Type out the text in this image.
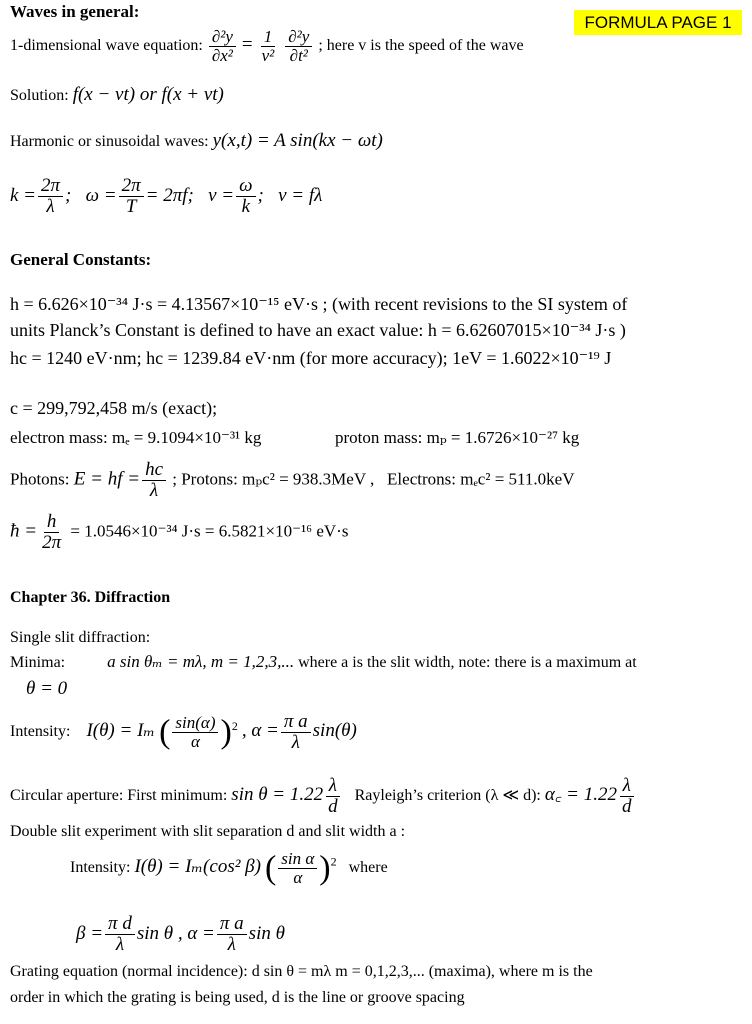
FORMULA PAGE 1
Waves in general:
1-dimensional wave equation: $\frac{\text{∂²y}}{\text{∂x²}} = \frac{1}{\text{v²}}$
$\frac{\text{∂²y}}{\text{∂t²}}$ ; here v is the speed of the wave
Solution: f(x − vt) or f(x + vt)
Harmonic or sinusoidal waves: y(x,t) = A sin(kx − ωt)
$k = \frac{2\pi}{\lambda}$ ;   $\omega = \frac{2\pi}{T} = 2\pi f$;   $v = \frac{\omega}{k}$ ;   v = fλ
General Constants:
h = 6.626×10⁻³⁴ J·s = 4.13567×10⁻¹⁵ eV·s ; (with recent revisions to the SI system of
units Planck’s Constant is defined to have an exact value: h = 6.62607015×10⁻³⁴ J·s )
hc = 1240 eV·nm; hc = 1239.84 eV·nm (for more accuracy); 1eV = 1.6022×10⁻¹⁹ J
c = 299,792,458 m/s (exact);
electron mass: mₑ = 9.1094×10⁻³¹ kg	proton mass: mₚ = 1.6726×10⁻²⁷ kg
Photons: E = hf = $\frac{hc}{\lambda}$ ; Protons: mₚc² = 938.3MeV , Electrons: mₑc² = 511.0keV
ħ = $\frac{h}{2\pi} = 1.0546\times 10^{-34}$ J·s = 6.5821×10⁻¹⁶ eV·s
Chapter 36. Diffraction
Single slit diffraction:
Minima: a sin θₘ = mλ, m = 1,2,3,... where a is the slit width, note: there is a maximum at
θ = 0
Intensity: I(θ) = Iₘ ( $\frac{\sin(\alpha)}{\alpha} )^2$ , $\alpha = \frac{\text{π a}}{\lambda} \sin(\theta)$
Circular aperture: First minimum: $\sin \theta = 1.22 \frac{\lambda}{d}$ Rayleigh’s criterion (λ ≪ d): α꜀ = $1.22 \frac{\lambda}{d}$
Double slit experiment with slit separation d and slit width a :
Intensity: I(θ) = Iₘ(cos² β) ( $\frac{\text{sin α}}{\alpha} )^2$ where
$\beta = \frac{\text{π d}}{\lambda}$ sin θ , $\alpha = \frac{\text{π a}}{\lambda}$ sin θ
Grating equation (normal incidence): d sin θ = mλ m = 0,1,2,3,... (maxima), where m is the
order in which the grating is being used, d is the line or groove spacing
